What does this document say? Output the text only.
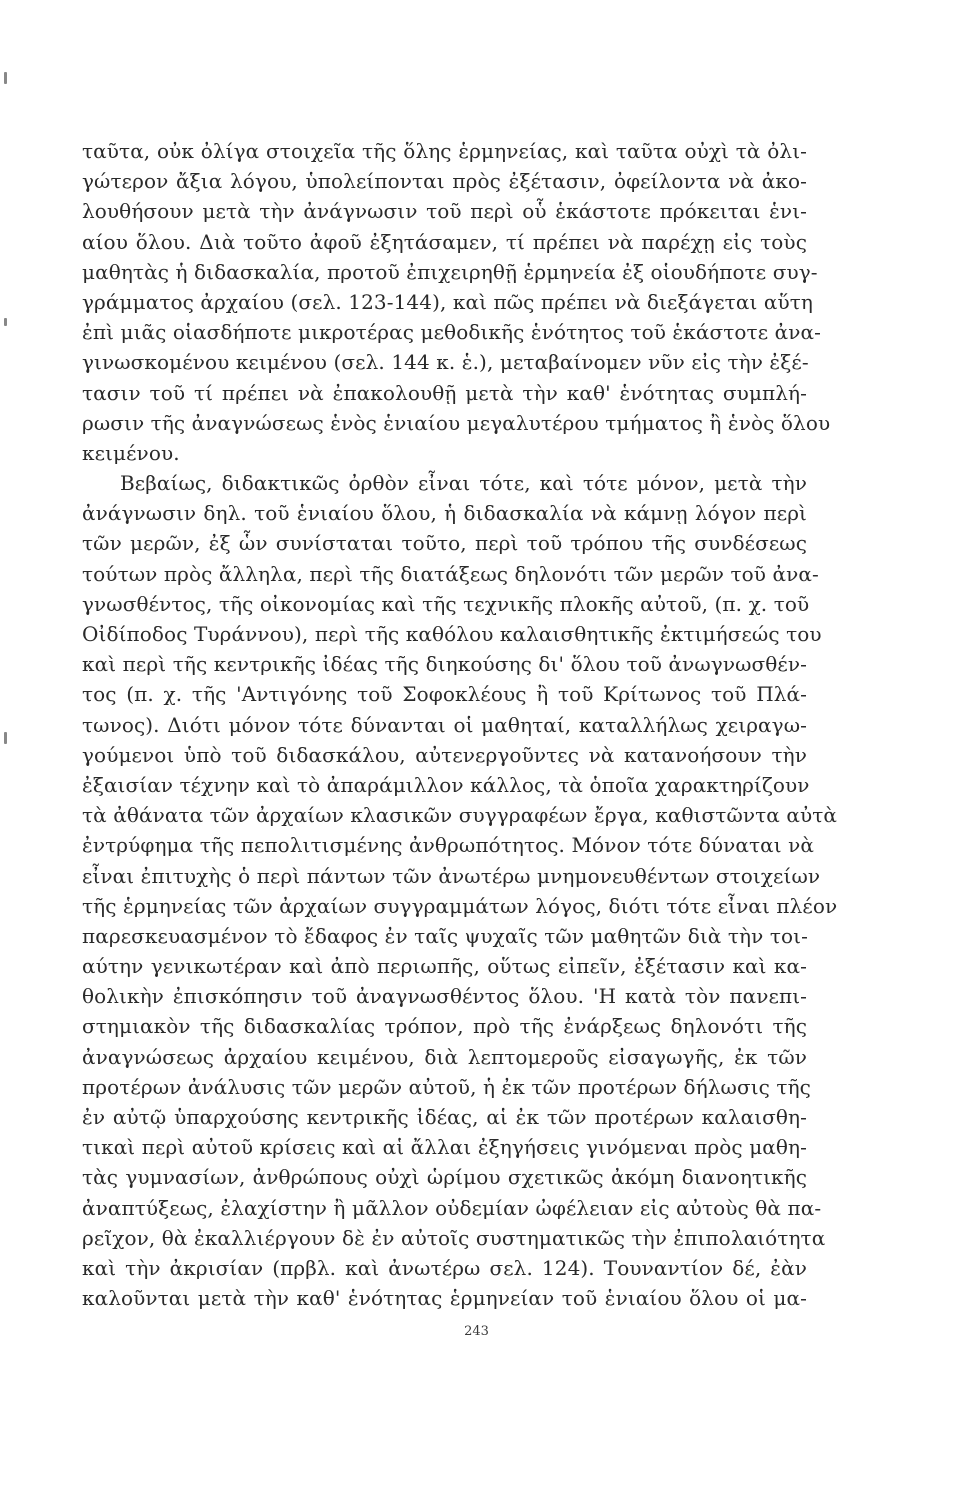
ταῦτα, οὐκ ὀλίγα στοιχεῖα τῆς ὅλης ἑρμηνείας, καὶ ταῦτα οὐχὶ τὰ ὀλι-
γώτερον ἄξια λόγου, ὑπολείπονται πρὸς ἐξέτασιν, ὀφείλοντα νὰ ἀκο-
λουθήσουν μετὰ τὴν ἀνάγνωσιν τοῦ περὶ οὗ ἑκάστοτε πρόκειται ἑνι-
αίου ὅλου. Διὰ τοῦτο ἀφοῦ ἐξητάσαμεν, τί πρέπει νὰ παρέχῃ εἰς τοὺς
μαθητὰς ἡ διδασκαλία, προτοῦ ἐπιχειρηθῇ ἑρμηνεία ἐξ οἱουδήποτε συγ-
γράμματος ἀρχαίου (σελ. 123-144), καὶ πῶς πρέπει νὰ διεξάγεται αὕτη
ἐπὶ μιᾶς οἱασδήποτε μικροτέρας μεθοδικῆς ἑνότητος τοῦ ἑκάστοτε ἀνα-
γινωσκομένου κειμένου (σελ. 144 κ. ἑ.), μεταβαίνομεν νῦν εἰς τὴν ἐξέ-
τασιν τοῦ τί πρέπει νὰ ἐπακολουθῇ μετὰ τὴν καθ' ἑνότητας συμπλή-
ρωσιν τῆς ἀναγνώσεως ἑνὸς ἑνιαίου μεγαλυτέρου τμήματος ἢ ἑνὸς ὅλου
κειμένου.
Βεβαίως, διδακτικῶς ὀρθὸν εἶναι τότε, καὶ τότε μόνον, μετὰ τὴν
ἀνάγνωσιν δηλ. τοῦ ἑνιαίου ὅλου, ἡ διδασκαλία νὰ κάμνῃ λόγον περὶ
τῶν μερῶν, ἐξ ὧν συνίσταται τοῦτο, περὶ τοῦ τρόπου τῆς συνδέσεως
τούτων πρὸς ἄλληλα, περὶ τῆς διατάξεως δηλονότι τῶν μερῶν τοῦ ἀνα-
γνωσθέντος, τῆς οἰκονομίας καὶ τῆς τεχνικῆς πλοκῆς αὐτοῦ, (π. χ. τοῦ
Οἰδίποδος Τυράννου), περὶ τῆς καθόλου καλαισθητικῆς ἐκτιμήσεώς του
καὶ περὶ τῆς κεντρικῆς ἰδέας τῆς διηκούσης δι' ὅλου τοῦ ἀνωγνωσθέν-
τος (π. χ. τῆς 'Αντιγόνης τοῦ Σοφοκλέους ἢ τοῦ Κρίτωνος τοῦ Πλά-
τωνος). Διότι μόνον τότε δύνανται οἱ μαθηταί, καταλλήλως χειραγω-
γούμενοι ὑπὸ τοῦ διδασκάλου, αὐτενεργοῦντες νὰ κατανοήσουν τὴν
ἐξαισίαν τέχνην καὶ τὸ ἀπαράμιλλον κάλλος, τὰ ὁποῖα χαρακτηρίζουν
τὰ ἀθάνατα τῶν ἀρχαίων κλασικῶν συγγραφέων ἔργα, καθιστῶντα αὐτὰ
ἐντρύφημα τῆς πεπολιτισμένης ἀνθρωπότητος. Μόνον τότε δύναται νὰ
εἶναι ἐπιτυχὴς ὁ περὶ πάντων τῶν ἀνωτέρω μνημονευθέντων στοιχείων
τῆς ἑρμηνείας τῶν ἀρχαίων συγγραμμάτων λόγος, διότι τότε εἶναι πλέον
παρεσκευασμένον τὸ ἔδαφος ἐν ταῖς ψυχαῖς τῶν μαθητῶν διὰ τὴν τοι-
αύτην γενικωτέραν καὶ ἀπὸ περιωπῆς, οὕτως εἰπεῖν, ἐξέτασιν καὶ κα-
θολικὴν ἐπισκόπησιν τοῦ ἀναγνωσθέντος ὅλου. 'Η κατὰ τὸν πανεπι-
στημιακὸν τῆς διδασκαλίας τρόπον, πρὸ τῆς ἐνάρξεως δηλονότι τῆς
ἀναγνώσεως ἀρχαίου κειμένου, διὰ λεπτομεροῦς εἰσαγωγῆς, ἐκ τῶν
προτέρων ἀνάλυσις τῶν μερῶν αὐτοῦ, ἡ ἐκ τῶν προτέρων δήλωσις τῆς
ἐν αὐτῷ ὑπαρχούσης κεντρικῆς ἰδέας, αἱ ἐκ τῶν προτέρων καλαισθη-
τικαὶ περὶ αὐτοῦ κρίσεις καὶ αἱ ἄλλαι ἐξηγήσεις γινόμεναι πρὸς μαθη-
τὰς γυμνασίων, ἀνθρώπους οὐχὶ ὡρίμου σχετικῶς ἀκόμη διανοητικῆς
ἀναπτύξεως, ἐλαχίστην ἢ μᾶλλον οὐδεμίαν ὠφέλειαν εἰς αὐτοὺς θὰ πα-
ρεῖχον, θὰ ἐκαλλιέργουν δὲ ἐν αὐτοῖς συστηματικῶς τὴν ἐπιπολαιότητα
καὶ τὴν ἀκρισίαν (πρβλ. καὶ ἀνωτέρω σελ. 124). Τουναντίον δέ, ἐὰν
καλοῦνται μετὰ τὴν καθ' ἑνότητας ἑρμηνείαν τοῦ ἑνιαίου ὅλου οἱ μα-
243
